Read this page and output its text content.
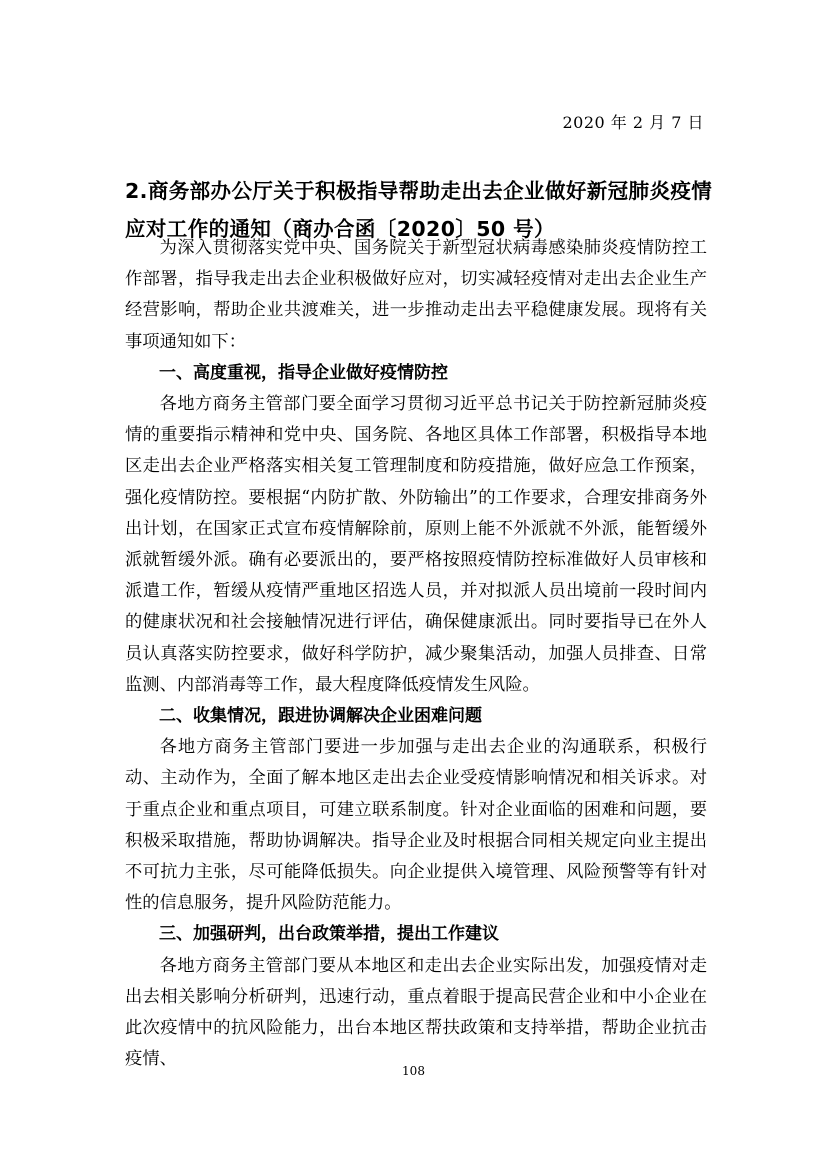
2020 年 2 月 7 日
2.商务部办公厅关于积极指导帮助走出去企业做好新冠肺炎疫情应对工作的通知（商办合函〔2020〕50 号）

为深入贯彻落实党中央、国务院关于新型冠状病毒感染肺炎疫情防控工作部署，指导我走出去企业积极做好应对，切实减轻疫情对走出去企业生产经营影响，帮助企业共渡难关，进一步推动走出去平稳健康发展。现将有关事项通知如下：

一、高度重视，指导企业做好疫情防控

各地方商务主管部门要全面学习贯彻习近平总书记关于防控新冠肺炎疫情的重要指示精神和党中央、国务院、各地区具体工作部署，积极指导本地区走出去企业严格落实相关复工管理制度和防疫措施，做好应急工作预案，强化疫情防控。要根据“内防扩散、外防输出”的工作要求，合理安排商务外出计划，在国家正式宣布疫情解除前，原则上能不外派就不外派，能暂缓外派就暂缓外派。确有必要派出的，要严格按照疫情防控标准做好人员审核和派遣工作，暂缓从疫情严重地区招选人员，并对拟派人员出境前一段时间内的健康状况和社会接触情况进行评估，确保健康派出。同时要指导已在外人员认真落实防控要求，做好科学防护，减少聚集活动，加强人员排查、日常监测、内部消毒等工作，最大程度降低疫情发生风险。

二、收集情况，跟进协调解决企业困难问题

各地方商务主管部门要进一步加强与走出去企业的沟通联系，积极行动、主动作为，全面了解本地区走出去企业受疫情影响情况和相关诉求。对于重点企业和重点项目，可建立联系制度。针对企业面临的困难和问题，要积极采取措施，帮助协调解决。指导企业及时根据合同相关规定向业主提出不可抗力主张，尽可能降低损失。向企业提供入境管理、风险预警等有针对性的信息服务，提升风险防范能力。

三、加强研判，出台政策举措，提出工作建议

各地方商务主管部门要从本地区和走出去企业实际出发，加强疫情对走出去相关影响分析研判，迅速行动，重点着眼于提高民营企业和中小企业在此次疫情中的抗风险能力，出台本地区帮扶政策和支持举措，帮助企业抗击疫情、

108
